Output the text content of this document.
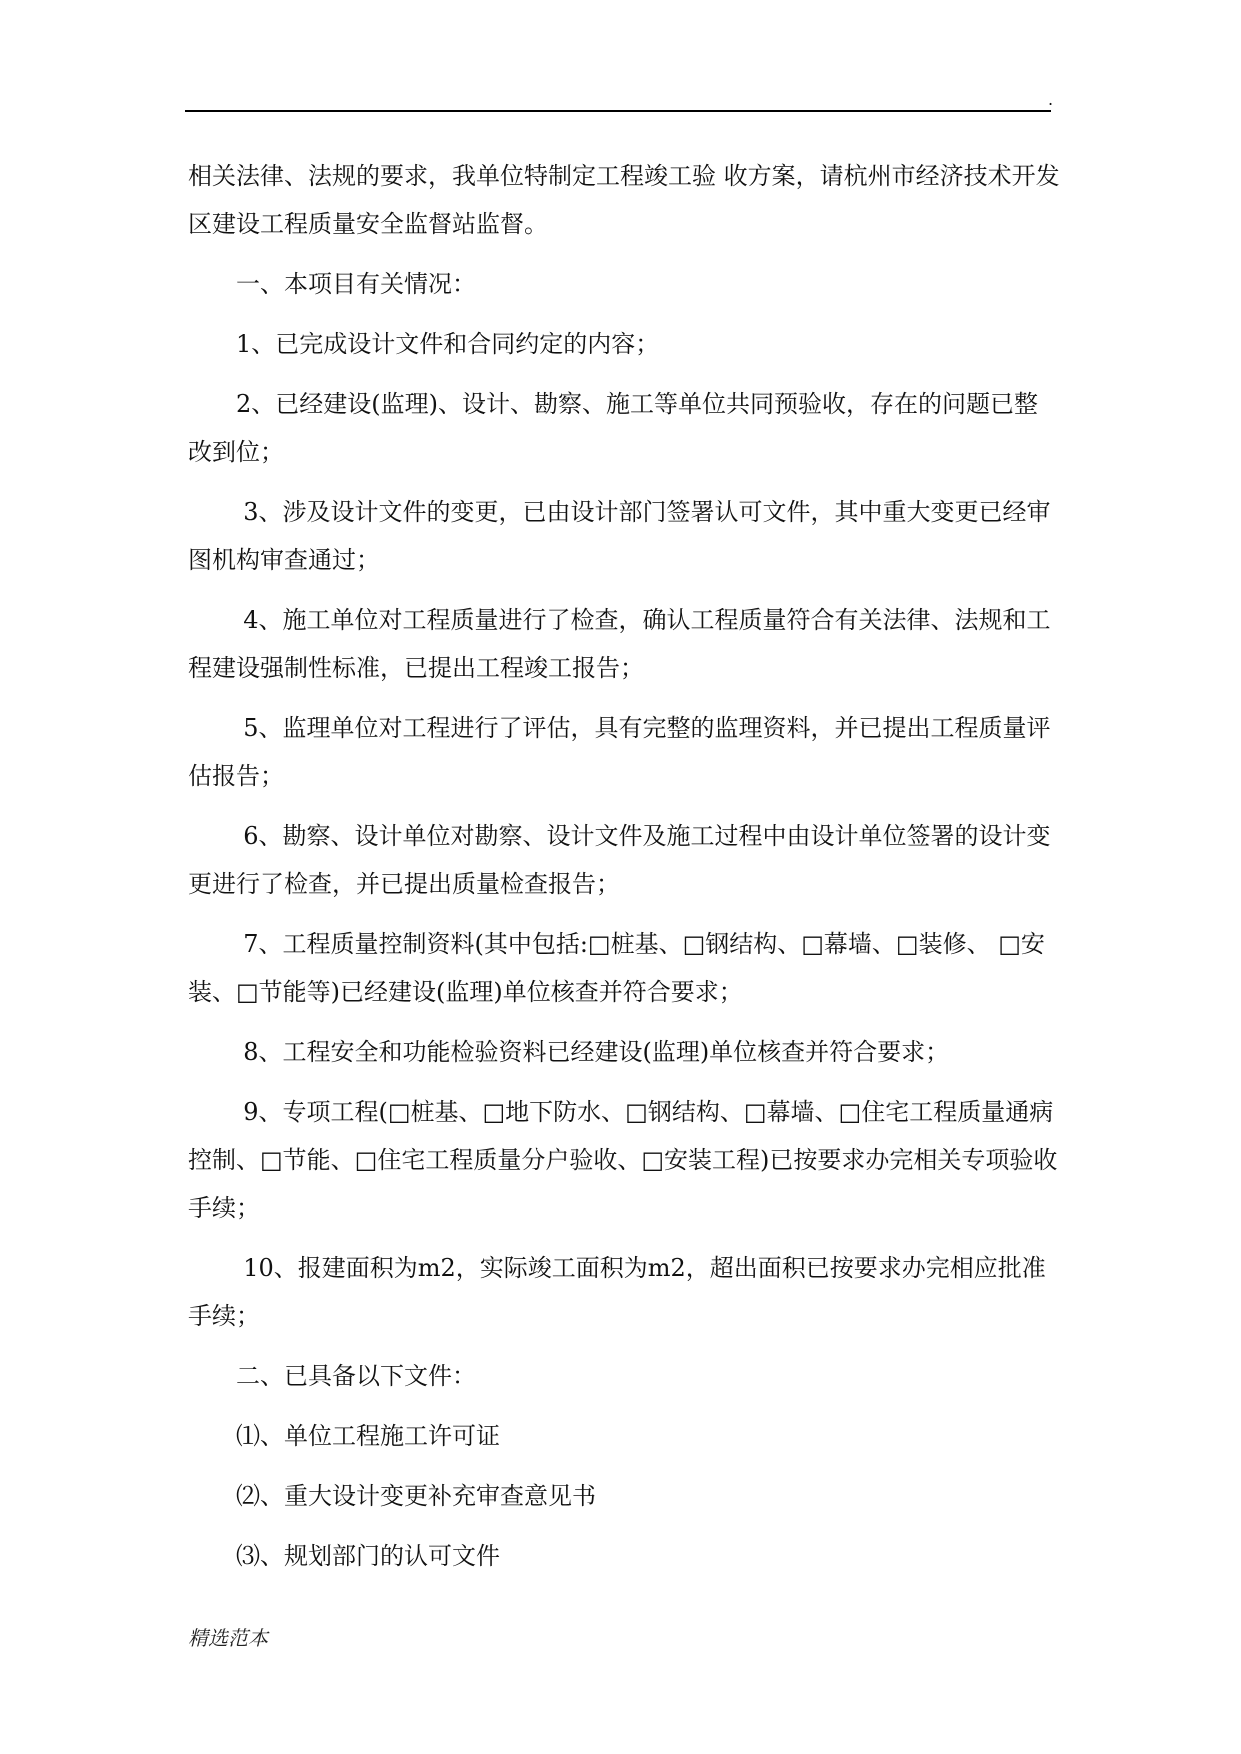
.

相关法律、法规的要求，我单位特制定工程竣工验 收方案，请杭州市经济技术开发区建设工程质量安全监督站监督。

一、本项目有关情况：

1、已完成设计文件和合同约定的内容；

2、已经建设(监理)、设计、勘察、施工等单位共同预验收，存在的问题已整改到位；

3、涉及设计文件的变更，已由设计部门签署认可文件，其中重大变更已经审图机构审查通过；

4、施工单位对工程质量进行了检查，确认工程质量符合有关法律、法规和工程建设强制性标准，已提出工程竣工报告；

5、监理单位对工程进行了评估，具有完整的监理资料，并已提出工程质量评估报告；

6、勘察、设计单位对勘察、设计文件及施工过程中由设计单位签署的设计变更进行了检查，并已提出质量检查报告；

7、工程质量控制资料(其中包括:□桩基、□钢结构、□幕墙、□装修、 □安装、□节能等)已经建设(监理)单位核查并符合要求；

8、工程安全和功能检验资料已经建设(监理)单位核查并符合要求；

9、专项工程(□桩基、□地下防水、□钢结构、□幕墙、□住宅工程质量通病控制、□节能、□住宅工程质量分户验收、□安装工程)已按要求办完相关专项验收手续；

10、报建面积为m2，实际竣工面积为m2，超出面积已按要求办完相应批准手续；

二、已具备以下文件：

⑴、单位工程施工许可证

⑵、重大设计变更补充审查意见书

⑶、规划部门的认可文件

精选范本
